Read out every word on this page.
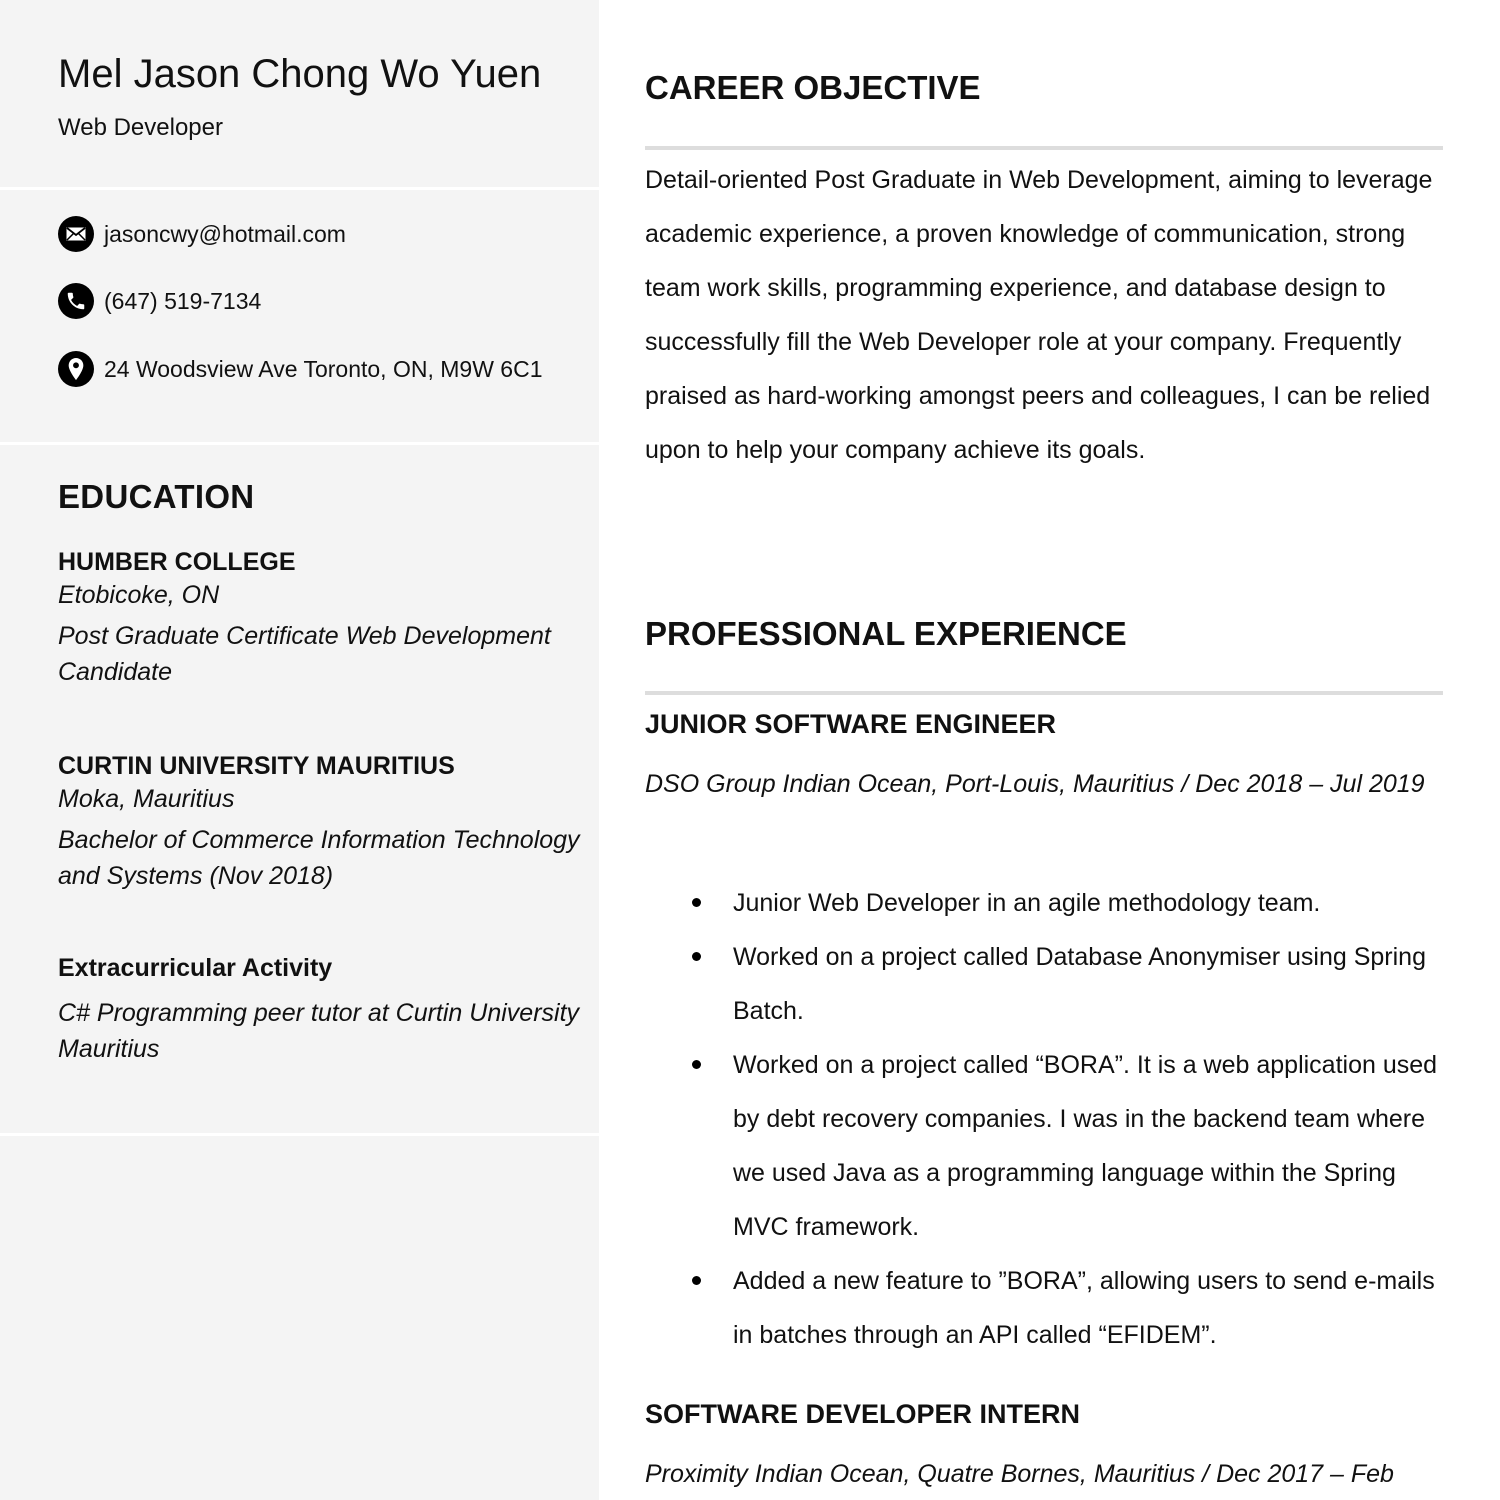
Mel Jason Chong Wo Yuen
Web Developer
jasoncwy@hotmail.com
(647) 519-7134
24 Woodsview Ave Toronto, ON, M9W 6C1
EDUCATION
HUMBER COLLEGE
Etobicoke, ON
Post Graduate Certificate Web Development Candidate
CURTIN UNIVERSITY MAURITIUS
Moka, Mauritius
Bachelor of Commerce Information Technology and Systems (Nov 2018)
Extracurricular Activity
C# Programming peer tutor at Curtin University Mauritius
CAREER OBJECTIVE

Detail-oriented Post Graduate in Web Development, aiming to leverage academic experience, a proven knowledge of communication, strong team work skills, programming experience, and database design to successfully fill the Web Developer role at your company. Frequently praised as hard-working amongst peers and colleagues, I can be relied upon to help your company achieve its goals.

PROFESSIONAL EXPERIENCE
JUNIOR SOFTWARE ENGINEER

DSO Group Indian Ocean, Port-Louis, Mauritius / Dec 2018 – Jul 2019

Junior Web Developer in an agile methodology team.
Worked on a project called Database Anonymiser using Spring Batch.
Worked on a project called “BORA”. It is a web application used by debt recovery companies. I was in the backend team where we used Java as a programming language within the Spring MVC framework.
Added a new feature to ”BORA”, allowing users to send e-mails in batches through an API called “EFIDEM”.
SOFTWARE DEVELOPER INTERN

Proximity Indian Ocean, Quatre Bornes, Mauritius / Dec 2017 – Feb
